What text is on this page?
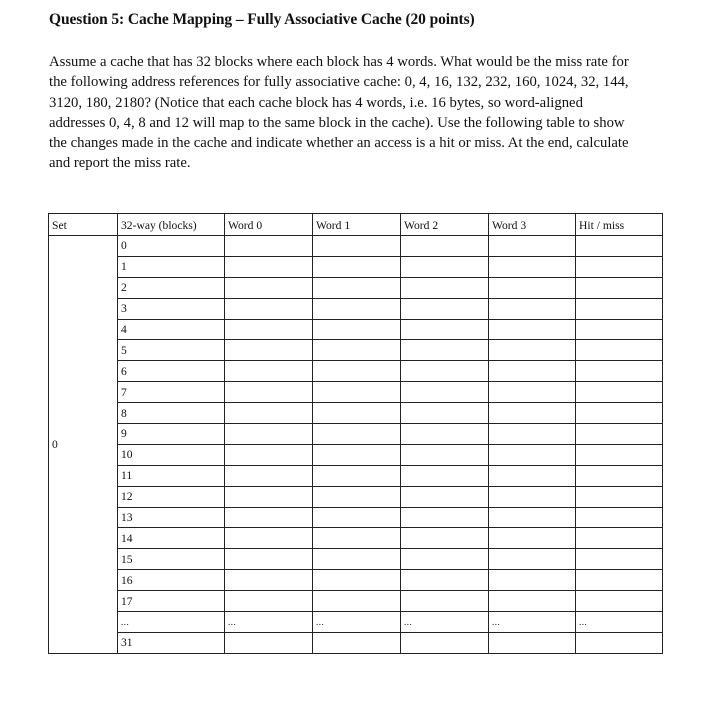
Question 5: Cache Mapping – Fully Associative Cache (20 points)
Assume a cache that has 32 blocks where each block has 4 words. What would be the miss rate for
the following address references for fully associative cache: 0, 4, 16, 132, 232, 160, 1024, 32, 144,
3120, 180, 2180? (Notice that each cache block has 4 words, i.e. 16 bytes, so word-aligned
addresses 0, 4, 8 and 12 will map to the same block in the cache). Use the following table to show
the changes made in the cache and indicate whether an access is a hit or miss. At the end, calculate
and report the miss rate.
Set	32-way (blocks)	Word 0	Word 1	Word 2	Word 3	Hit / miss
0	0					
	1					
	2					
	3					
	4					
	5					
	6					
	7					
	8					
	9					
	10					
	11					
	12					
	13					
	14					
	15					
	16					
	17					
	...	...	...	...	...	...
	31					
